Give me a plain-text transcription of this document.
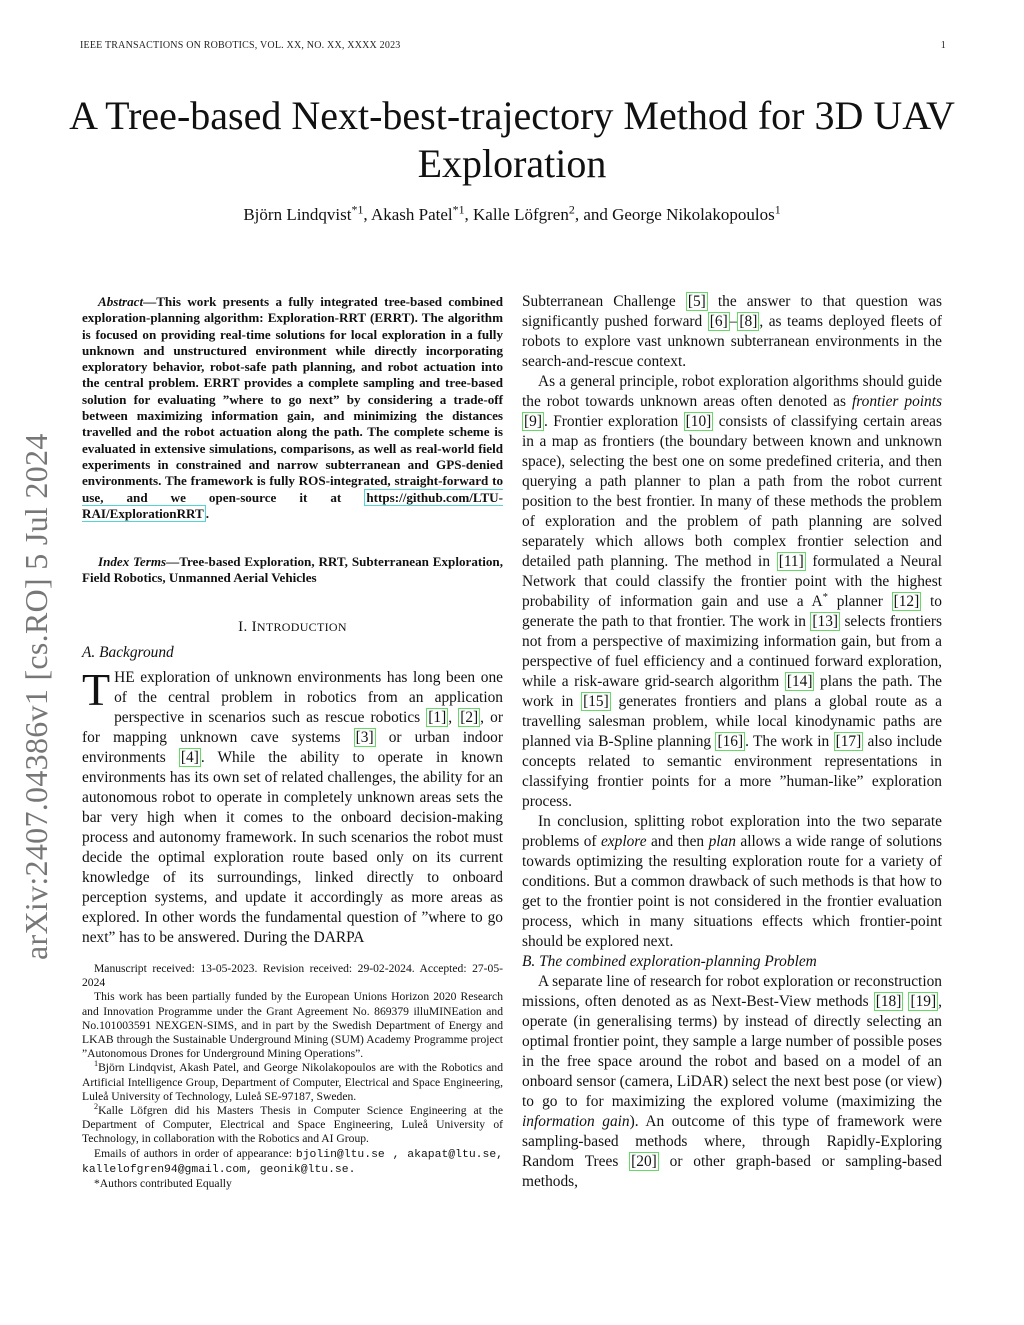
IEEE TRANSACTIONS ON ROBOTICS, VOL. XX, NO. XX, XXXX 2023	1
arXiv:2407.04386v1 [cs.RO] 5 Jul 2024
A Tree-based Next-best-trajectory Method for 3D UAV Exploration
Björn Lindqvist$^{*1}$, Akash Patel$^{*1}$, Kalle Löfgren$^2$, and George Nikolakopoulos$^1$

Abstract—This work presents a fully integrated tree-based combined exploration-planning algorithm: Exploration-RRT (ERRT). The algorithm is focused on providing real-time solutions for local exploration in a fully unknown and unstructured environment while directly incorporating exploratory behavior, robot-safe path planning, and robot actuation into the central problem. ERRT provides a complete sampling and tree-based solution for evaluating ”where to go next” by considering a trade-off between maximizing information gain, and minimizing the distances travelled and the robot actuation along the path. The complete scheme is evaluated in extensive simulations, comparisons, as well as real-world field experiments in constrained and narrow subterranean and GPS-denied environments. The framework is fully ROS-integrated, straight-forward to use, and we open-source it at https://github.com/LTU-RAI/ExplorationRRT .

Index Terms—Tree-based Exploration, RRT, Subterranean Exploration, Field Robotics, Unmanned Aerial Vehicles

I. INTRODUCTION
A. Background

THE exploration of unknown environments has long been one of the central problem in robotics from an application perspective in scenarios such as rescue robotics [1] , [2] , or for mapping unknown cave systems [3] or urban indoor environments [4] . While the ability to operate in known environments has its own set of related challenges, the ability for an autonomous robot to operate in completely unknown areas sets the bar very high when it comes to the onboard decision-making process and autonomy framework. In such scenarios the robot must decide the optimal exploration route based only on its current knowledge of its surroundings, linked directly to onboard perception systems, and update it accordingly as more areas as explored. In other words the fundamental question of ”where to go next” has to be answered. During the DARPA

Manuscript received: 13-05-2023. Revision received: 29-02-2024. Accepted: 27-05-2024

This work has been partially funded by the European Unions Horizon 2020 Research and Innovation Programme under the Grant Agreement No. 869379 illuMINEation and No.101003591 NEXGEN-SIMS, and in part by the Swedish Department of Energy and LKAB through the Sustainable Underground Mining (SUM) Academy Programme project ”Autonomous Drones for Underground Mining Operations”.

$^1$Björn Lindqvist, Akash Patel, and George Nikolakopoulos are with the Robotics and Artificial Intelligence Group, Department of Computer, Electrical and Space Engineering, Luleå University of Technology, Luleå SE-97187, Sweden.

$^2$Kalle Löfgren did his Masters Thesis in Computer Science Engineering at the Department of Computer, Electrical and Space Engineering, Luleå University of Technology, in collaboration with the Robotics and AI Group.

Emails of authors in order of appearance: bjolin@ltu.se , akapat@ltu.se, kallelofgren94@gmail.com, geonik@ltu.se.

*Authors contributed Equally

Subterranean Challenge [5] the answer to that question was significantly pushed forward [6] – [8] , as teams deployed fleets of robots to explore vast unknown subterranean environments in the search-and-rescue context.

As a general principle, robot exploration algorithms should guide the robot towards unknown areas often denoted as frontier points [9] . Frontier exploration [10] consists of classifying certain areas in a map as frontiers (the boundary between known and unknown space), selecting the best one on some predefined criteria, and then querying a path planner to plan a path from the robot current position to the best frontier. In many of these methods the problem of exploration and the problem of path planning are solved separately which allows both complex frontier selection and detailed path planning. The method in [11] formulated a Neural Network that could classify the frontier point with the highest probability of information gain and use a A* planner [12] to generate the path to that frontier. The work in [13] selects frontiers not from a perspective of maximizing information gain, but from a perspective of fuel efficiency and a continued forward exploration, while a risk-aware grid-search algorithm [14] plans the path. The work in [15] generates frontiers and plans a global route as a travelling salesman problem, while local kinodynamic paths are planned via B-Spline planning [16] . The work in [17] also include concepts related to semantic environment representations in classifying frontier points for a more ”human-like” exploration process.

In conclusion, splitting robot exploration into the two separate problems of explore and then plan allows a wide range of solutions towards optimizing the resulting exploration route for a variety of conditions. But a common drawback of such methods is that how to get to the frontier point is not considered in the frontier evaluation process, which in many situations effects which frontier-point should be explored next.

B. The combined exploration-planning Problem

A separate line of research for robot exploration or reconstruction missions, often denoted as as Next-Best-View methods [18] [19] , operate (in generalising terms) by instead of directly selecting an optimal frontier point, they sample a large number of possible poses in the free space around the robot and based on a model of an onboard sensor (camera, LiDAR) select the next best pose (or view) to go to for maximizing the explored volume (maximizing the information gain). An outcome of this type of framework were sampling-based methods where, through Rapidly-Exploring Random Trees [20] or other graph-based or sampling-based methods,
